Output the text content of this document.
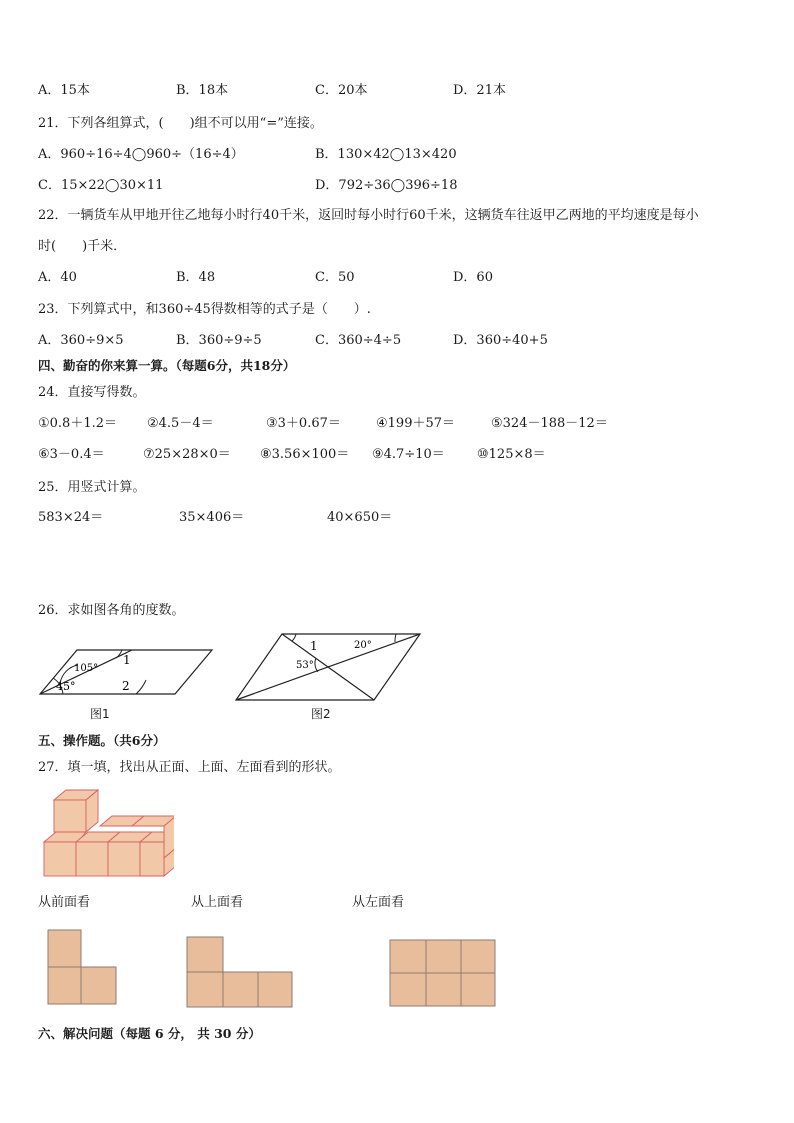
A．15本	B．18本	C．20本	D．21本
21．下列各组算式，(　　)组不可以用“=”连接。
A．960÷16÷4◯960÷（16÷4）	B．130×42◯13×420
C．15×22◯30×11	D．792÷36◯396÷18
22．一辆货车从甲地开往乙地每小时行40千米，返回时每小时行60千米，这辆货车往返甲乙两地的平均速度是每小
时(　　)千米．
A．40	B．48	C．50	D．60
23．下列算式中，和360÷45得数相等的式子是（　　）.
A．360÷9×5	B．360÷9÷5	C．360÷4÷5	D．360÷40+5
四、勤奋的你来算一算。（每题6分，共18分）
24．直接写得数。
①0.8＋1.2＝ ②4.5－4＝	③3＋0.67＝	④199＋57＝	⑤324－188－12＝
⑥3－0.4＝	⑦25×28×0＝ ⑧3.56×100＝ ⑨4.7÷10＝ ⑩125×8＝
25．用竖式计算。
583×24＝	35×406＝	40×650＝
26．求如图各角的度数。
105°
45°
1
2
图1
1	20°
53°
图2
五、操作题。（共6分）
27．填一填，找出从正面、上面、左面看到的形状。
从前面看	从上面看	从左面看
六、解决问题（每题 6 分， 共 30 分）
